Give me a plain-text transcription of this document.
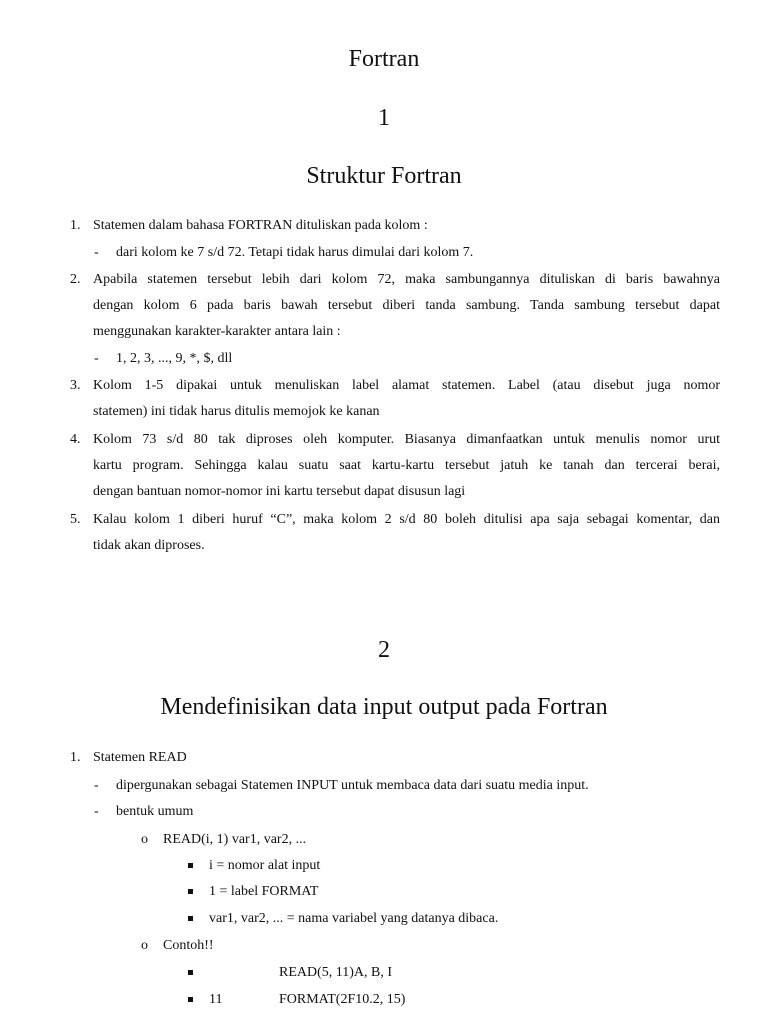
Fortran
1
Struktur Fortran
1. Statemen dalam bahasa FORTRAN dituliskan pada kolom :

- dari kolom ke 7 s/d 72. Tetapi tidak harus dimulai dari kolom 7.

2. Apabila statemen tersebut lebih dari kolom 72, maka sambungannya dituliskan di baris bawahnya

dengan kolom 6 pada baris bawah tersebut diberi tanda sambung. Tanda sambung tersebut dapat

menggunakan karakter-karakter antara lain :

- 1, 2, 3, ..., 9, *, $, dll

3. Kolom 1-5 dipakai untuk menuliskan label alamat statemen. Label (atau disebut juga nomor

statemen) ini tidak harus ditulis memojok ke kanan

4. Kolom 73 s/d 80 tak diproses oleh komputer. Biasanya dimanfaatkan untuk menulis nomor urut

kartu program. Sehingga kalau suatu saat kartu-kartu tersebut jatuh ke tanah dan tercerai berai,

dengan bantuan nomor-nomor ini kartu tersebut dapat disusun lagi

5. Kalau kolom 1 diberi huruf “C”, maka kolom 2 s/d 80 boleh ditulisi apa saja sebagai komentar, dan

tidak akan diproses.

2
Mendefinisikan data input output pada Fortran
1. Statemen READ

- dipergunakan sebagai Statemen INPUT untuk membaca data dari suatu media input.

- bentuk umum

o READ(i, 1) var1, var2, ...

i = nomor alat input

1 = label FORMAT

var1, var2, ... = nama variabel yang datanya dibaca.

o Contoh!!

READ(5, 11)A, B, I

11	FORMAT(2F10.2, 15)
